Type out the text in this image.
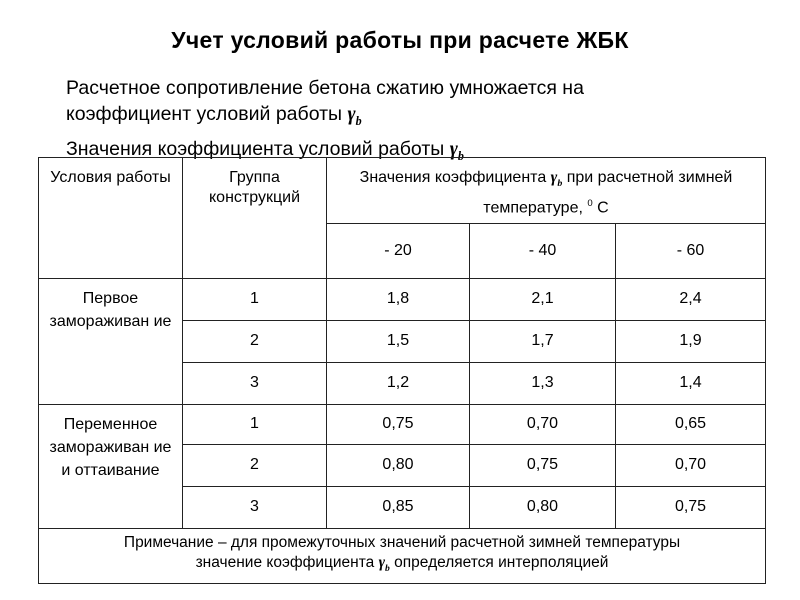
Учет условий работы при расчете ЖБК
Расчетное сопротивление бетона сжатию умножается на
коэффициент условий работы $\gamma_b$
Значения коэффициента условий работы $\gamma_b$
Условия работы	Группа конструкций	Значения коэффициента $\gamma_b$ при расчетной зимней температуре, $^0$ С		
		- 20	- 40	- 60
Первое замораживан ие	1	1,8	2,1	2,4
	2	1,5	1,7	1,9
	3	1,2	1,3	1,4
Переменное замораживан ие и оттаивание	1	0,75	0,70	0,65
	2	0,80	0,75	0,70
	3	0,85	0,80	0,75
Примечание – для промежуточных значений расчетной зимней температуры
значение коэффициента $\gamma_b$ определяется интерполяцией				
